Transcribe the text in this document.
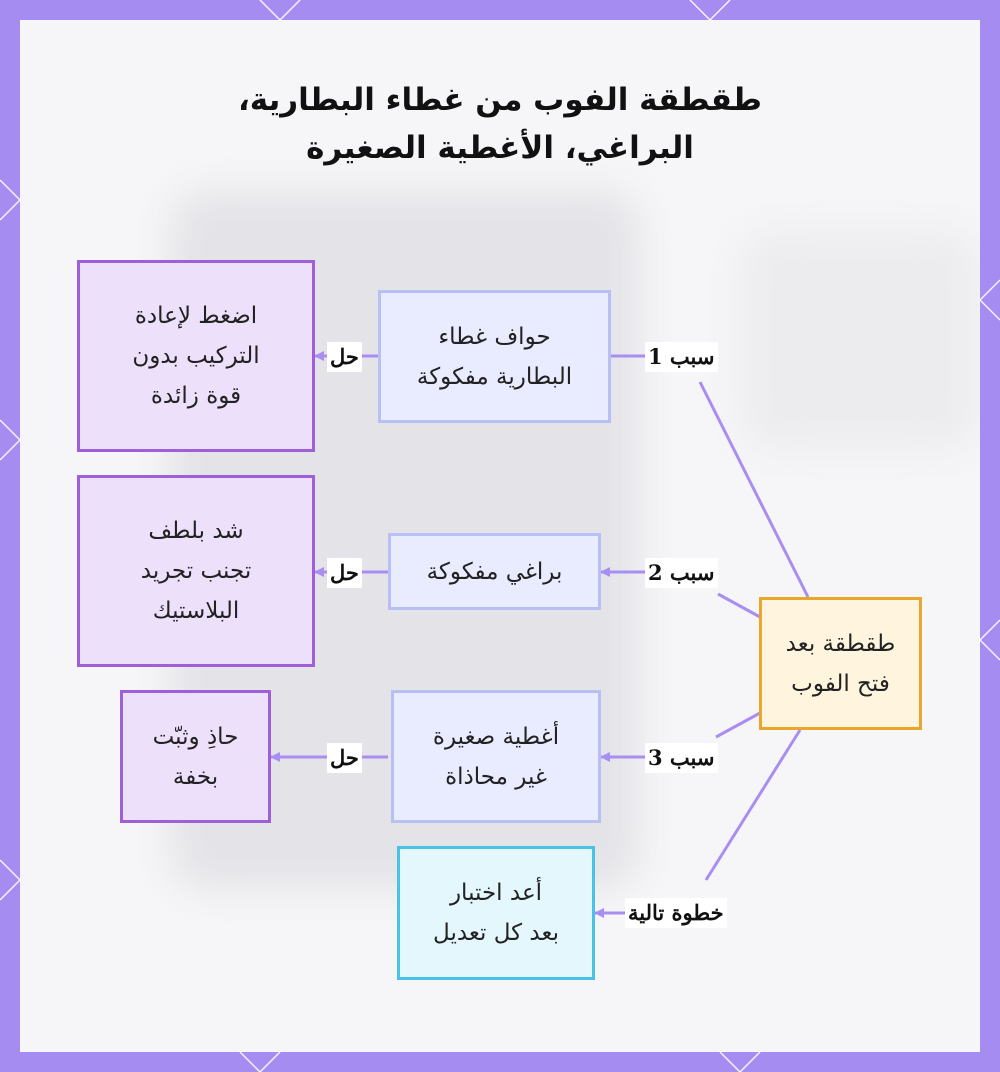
طقطقة الفوب من غطاء البطارية،
البراغي، الأغطية الصغيرة
طقطقة بعد
فتح الفوب
حواف غطاء
البطارية مفكوكة
براغي مفكوكة
أغطية صغيرة
غير محاذاة
أعد اختبار
بعد كل تعديل
اضغط لإعادة
التركيب بدون
قوة زائدة
شد بلطف
تجنب تجريد
البلاستيك
حاذِ وثبّت
بخفة
سبب 1
سبب 2
سبب 3
خطوة تالية
حل
حل
حل
